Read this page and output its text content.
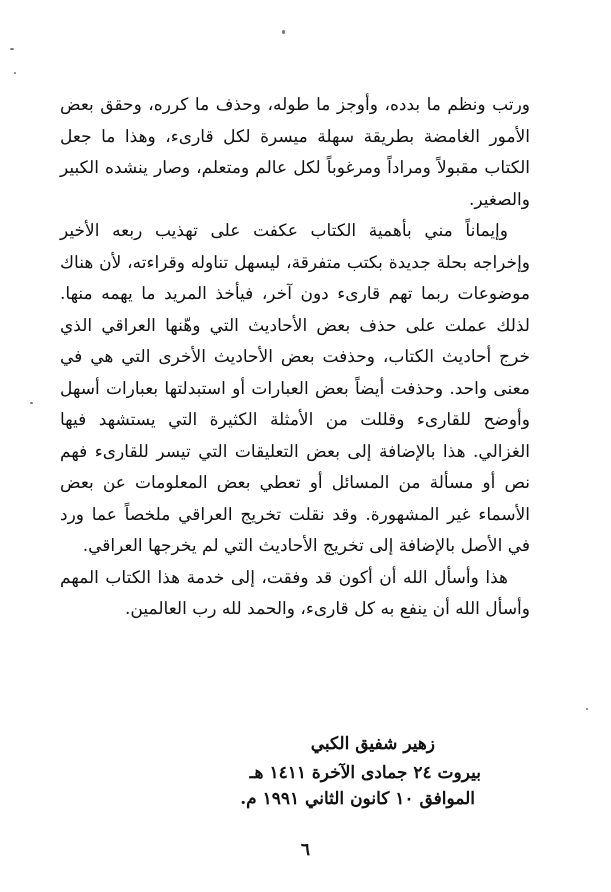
ورتب ونظم ما بدده، وأوجز ما طوله، وحذف ما كرره، وحقق بعض الأمور الغامضة بطريقة سهلة ميسرة لكل قارىء، وهذا ما جعل الكتاب مقبولاً ومراداً ومرغوباً لكل عالم ومتعلم، وصار ينشده الكبير والصغير.

وإيماناً مني بأهمية الكتاب عكفت على تهذيب ربعه الأخير وإخراجه بحلة جديدة بكتب متفرقة، ليسهل تناوله وقراءته، لأن هناك موضوعات ربما تهم قارىء دون آخر، فيأخذ المريد ما يهمه منها. لذلك عملت على حذف بعض الأحاديث التي وهّنها العراقي الذي خرج أحاديث الكتاب، وحذفت بعض الأحاديث الأخرى التي هي في معنى واحد. وحذفت أيضاً بعض العبارات أو استبدلتها بعبارات أسهل وأوضح للقارىء وقللت من الأمثلة الكثيرة التي يستشهد فيها الغزالي. هذا بالإضافة إلى بعض التعليقات التي تيسر للقارىء فهم نص أو مسألة من المسائل أو تعطي بعض المعلومات عن بعض الأسماء غير المشهورة. وقد نقلت تخريج العراقي ملخصاً عما ورد في الأصل بالإضافة إلى تخريج الأحاديث التي لم يخرجها العراقي.

هذا وأسأل الله أن أكون قد وفقت، إلى خدمة هذا الكتاب المهم وأسأل الله أن ينفع به كل قارىء، والحمد لله رب العالمين.

زهير شفيق الكبي
بيروت ٢٤ جمادى الآخرة ١٤١١ هـ
الموافق ١٠ كانون الثاني ١٩٩١ م.
٦
